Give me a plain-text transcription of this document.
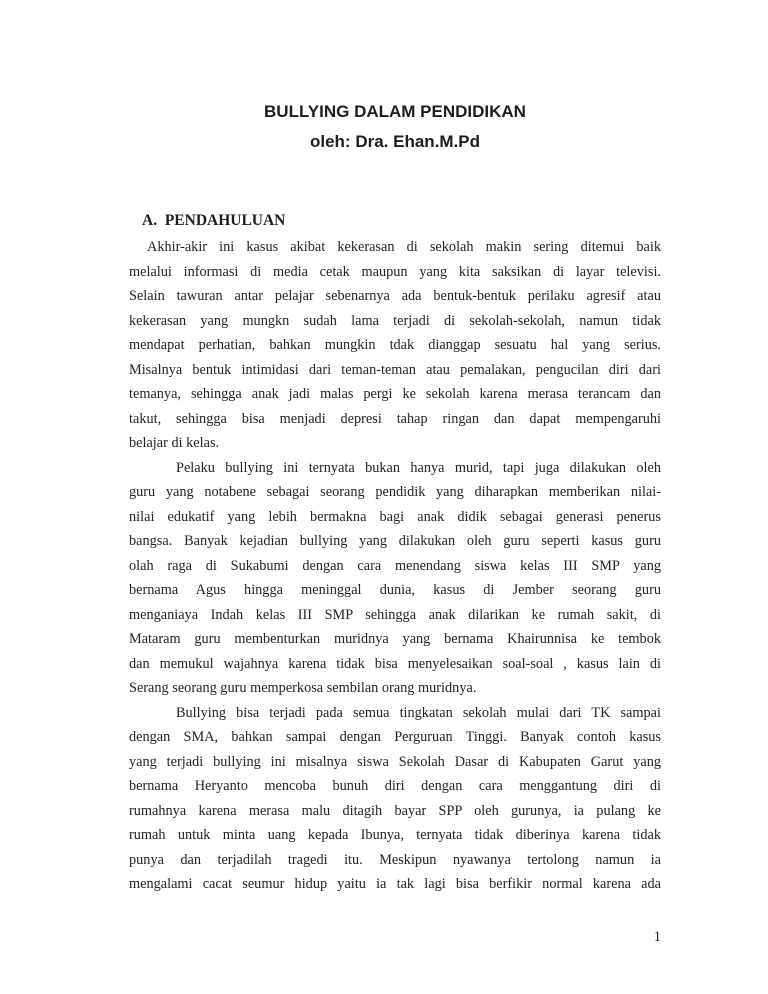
BULLYING DALAM PENDIDIKAN
oleh: Dra. Ehan.M.Pd
A.  PENDAHULUAN
Akhir-akir ini kasus akibat kekerasan di sekolah makin sering ditemui baik
melalui informasi di media cetak maupun yang kita saksikan di layar televisi.
Selain tawuran antar pelajar sebenarnya ada bentuk-bentuk perilaku agresif atau
kekerasan yang mungkn sudah lama terjadi di sekolah-sekolah, namun tidak
mendapat perhatian, bahkan mungkin tdak dianggap sesuatu hal yang serius.
Misalnya bentuk intimidasi dari teman-teman atau pemalakan, pengucilan diri dari
temanya, sehingga anak jadi malas pergi ke sekolah karena merasa terancam dan
takut, sehingga bisa menjadi depresi tahap ringan dan dapat mempengaruhi
belajar di kelas.
Pelaku bullying ini ternyata bukan hanya murid, tapi juga dilakukan oleh
guru yang notabene sebagai seorang pendidik yang diharapkan memberikan nilai-
nilai edukatif yang lebih bermakna bagi anak didik sebagai generasi penerus
bangsa. Banyak kejadian bullying yang dilakukan oleh guru seperti kasus guru
olah raga di Sukabumi dengan cara menendang siswa kelas III SMP yang
bernama Agus hingga meninggal dunia, kasus di Jember seorang guru
menganiaya Indah kelas III SMP sehingga anak dilarikan ke rumah sakit, di
Mataram guru membenturkan muridnya yang bernama Khairunnisa ke tembok
dan memukul wajahnya karena tidak bisa menyelesaikan soal-soal , kasus lain di
Serang seorang guru memperkosa sembilan orang muridnya.
Bullying bisa terjadi pada semua tingkatan sekolah mulai dari TK sampai
dengan SMA, bahkan sampai dengan Perguruan Tinggi. Banyak contoh kasus
yang terjadi bullying ini misalnya siswa Sekolah Dasar di Kabupaten Garut yang
bernama Heryanto mencoba bunuh diri dengan cara menggantung diri di
rumahnya karena merasa malu ditagih bayar SPP oleh gurunya, ia pulang ke
rumah untuk minta uang kepada Ibunya, ternyata tidak diberinya karena tidak
punya dan terjadilah tragedi itu. Meskipun nyawanya tertolong namun ia
mengalami cacat seumur hidup yaitu ia tak lagi bisa berfikir normal karena ada
1
